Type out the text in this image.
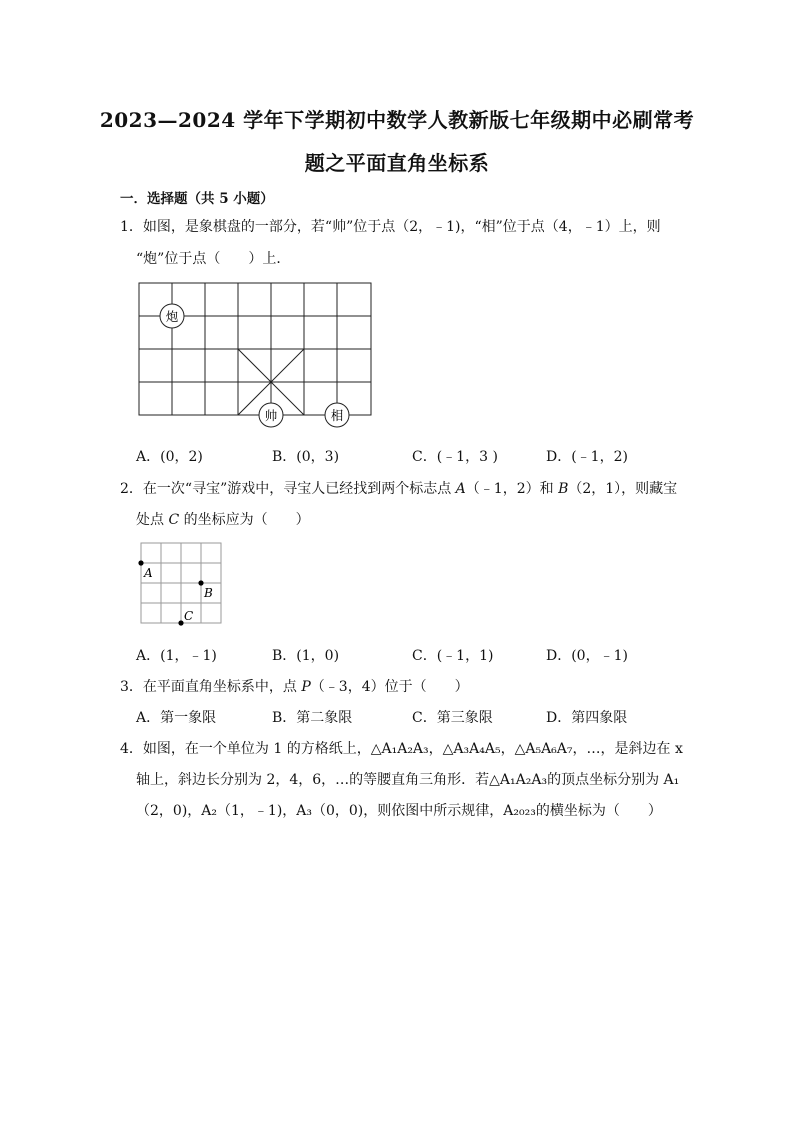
2023—2024 学年下学期初中数学人教新版七年级期中必刷常考
题之平面直角坐标系
一．选择题（共 5 小题）
1．如图，是象棋盘的一部分，若“帅”位于点（2，﹣1)，“相”位于点（4，﹣1）上，则
“炮”位于点（　　）上．
炮
帅	相
A．(0，2)	B．(0，3)	C．(﹣1，3 )	D．(﹣1，2)
2．在一次“寻宝”游戏中，寻宝人已经找到两个标志点 A（﹣1，2）和 B（2，1），则藏宝
处点 C 的坐标应为（　　）
A
B
C
A．(1，﹣1)	B．(1，0)	C．(﹣1，1)	D．(0，﹣1)
3．在平面直角坐标系中，点 P（﹣3，4）位于（　　）
A．第一象限	B．第二象限	C．第三象限	D．第四象限
4．如图，在一个单位为 1 的方格纸上，△A₁A₂A₃，△A₃A₄A₅，△A₅A₆A₇，…，是斜边在 x
轴上，斜边长分别为 2，4，6，…的等腰直角三角形．若△A₁A₂A₃的顶点坐标分别为 A₁
（2，0)，A₂（1，﹣1)，A₃（0，0)，则依图中所示规律，A₂₀₂₃的横坐标为（　　）
